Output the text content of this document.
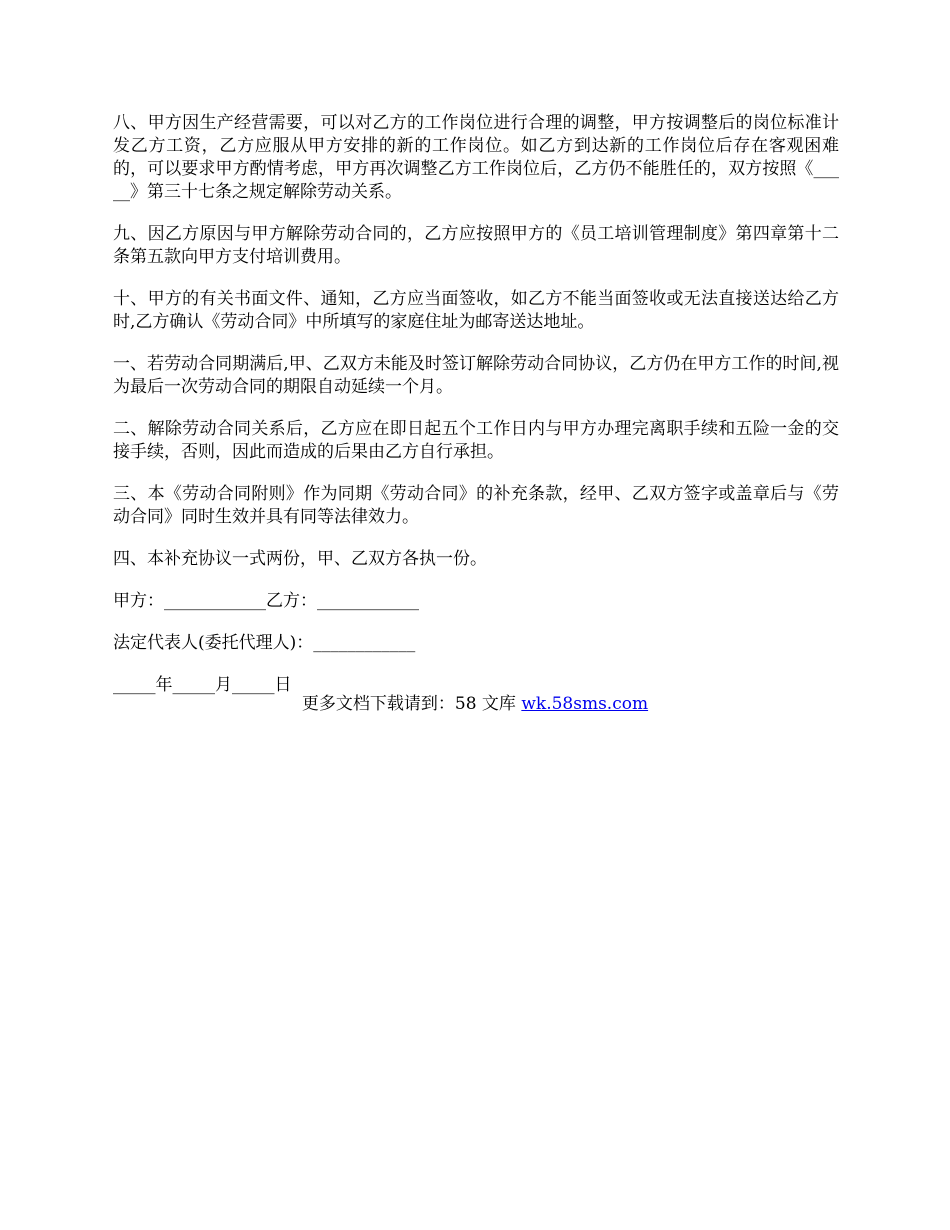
八、甲方因生产经营需要，可以对乙方的工作岗位进行合理的调整，甲方按调整后的岗位标准计发乙方工资，乙方应服从甲方安排的新的工作岗位。如乙方到达新的工作岗位后存在客观困难的，可以要求甲方酌情考虑，甲方再次调整乙方工作岗位后，乙方仍不能胜任的，双方按照《_____》第三十七条之规定解除劳动关系。

九、因乙方原因与甲方解除劳动合同的，乙方应按照甲方的《员工培训管理制度》第四章第十二条第五款向甲方支付培训费用。

十、甲方的有关书面文件、通知，乙方应当面签收，如乙方不能当面签收或无法直接送达给乙方时,乙方确认《劳动合同》中所填写的家庭住址为邮寄送达地址。

一、若劳动合同期满后,甲、乙双方未能及时签订解除劳动合同协议，乙方仍在甲方工作的时间,视为最后一次劳动合同的期限自动延续一个月。

二、解除劳动合同关系后，乙方应在即日起五个工作日内与甲方办理完离职手续和五险一金的交接手续，否则，因此而造成的后果由乙方自行承担。

三、本《劳动合同附则》作为同期《劳动合同》的补充条款，经甲、乙双方签字或盖章后与《劳动合同》同时生效并具有同等法律效力。

四、本补充协议一式两份，甲、乙双方各执一份。

甲方：____________乙方：____________
法定代表人(委托代理人)：____________
_____年_____月_____日
更多文档下载请到：58 文库 wk.58sms.com
